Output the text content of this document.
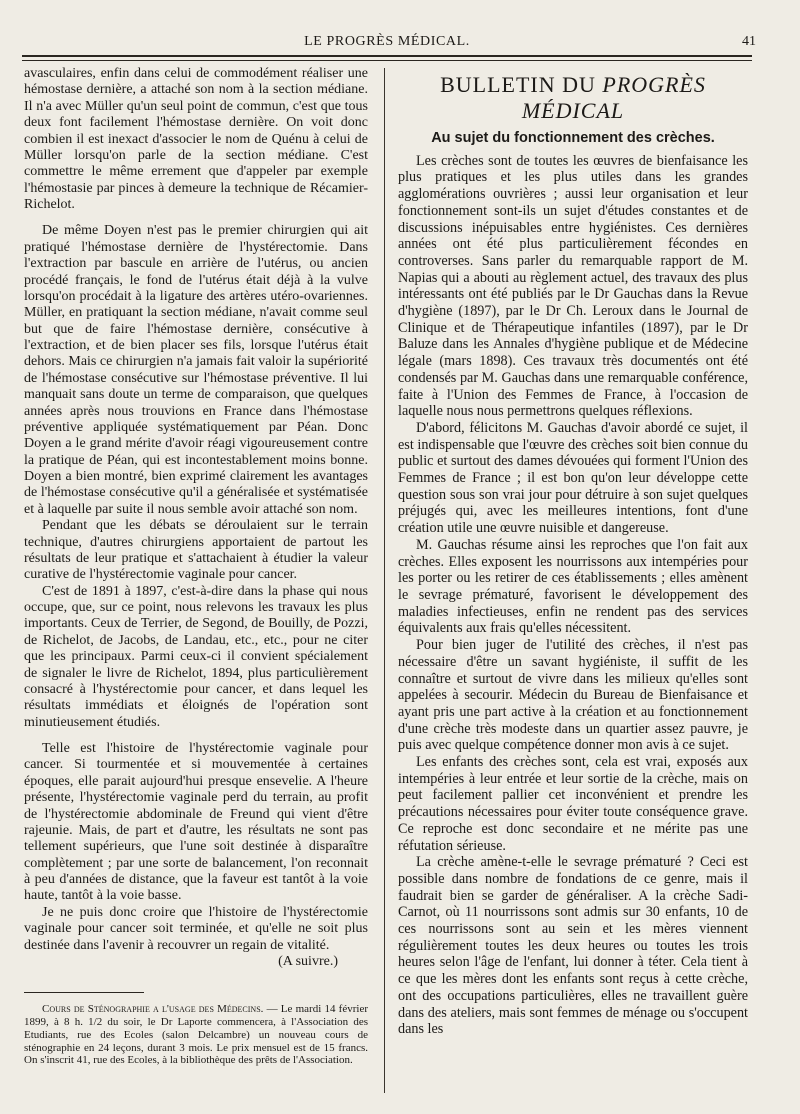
LE PROGRÈS MÉDICAL.	41

avasculaires, enfin dans celui de commodément réaliser une hémostase dernière, a attaché son nom à la section médiane. Il n'a avec Müller qu'un seul point de commun, c'est que tous deux font facilement l'hémostase dernière. On voit donc combien il est inexact d'associer le nom de Quénu à celui de Müller lorsqu'on parle de la section médiane. C'est commettre le même errement que d'appeler par exemple l'hémostasie par pinces à demeure la technique de Récamier-Richelot.

De même Doyen n'est pas le premier chirurgien qui ait pratiqué l'hémostase dernière de l'hystérectomie. Dans l'extraction par bascule en arrière de l'utérus, ou ancien procédé français, le fond de l'utérus était déjà à la vulve lorsqu'on procédait à la ligature des artères utéro-ovariennes. Müller, en pratiquant la section médiane, n'avait comme seul but que de faire l'hémostase dernière, consécutive à l'extraction, et de bien placer ses fils, lorsque l'utérus était dehors. Mais ce chirurgien n'a jamais fait valoir la supériorité de l'hémostase consécutive sur l'hémostase préventive. Il lui manquait sans doute un terme de comparaison, que quelques années après nous trouvions en France dans l'hémostase préventive appliquée systématiquement par Péan. Donc Doyen a le grand mérite d'avoir réagi vigoureusement contre la pratique de Péan, qui est incontestablement moins bonne. Doyen a bien montré, bien exprimé clairement les avantages de l'hémostase consécutive qu'il a généralisée et systématisée et à laquelle par suite il nous semble avoir attaché son nom.

Pendant que les débats se déroulaient sur le terrain technique, d'autres chirurgiens apportaient de partout les résultats de leur pratique et s'attachaient à étudier la valeur curative de l'hystérectomie vaginale pour cancer.

C'est de 1891 à 1897, c'est-à-dire dans la phase qui nous occupe, que, sur ce point, nous relevons les travaux les plus importants. Ceux de Terrier, de Segond, de Bouilly, de Pozzi, de Richelot, de Jacobs, de Landau, etc., etc., pour ne citer que les principaux. Parmi ceux-ci il convient spécialement de signaler le livre de Richelot, 1894, plus particulièrement consacré à l'hystérectomie pour cancer, et dans lequel les résultats immédiats et éloignés de l'opération sont minutieusement étudiés.

Telle est l'histoire de l'hystérectomie vaginale pour cancer. Si tourmentée et si mouvementée à certaines époques, elle parait aujourd'hui presque ensevelie. A l'heure présente, l'hystérectomie vaginale perd du terrain, au profit de l'hystérectomie abdominale de Freund qui vient d'être rajeunie. Mais, de part et d'autre, les résultats ne sont pas tellement supérieurs, que l'une soit destinée à disparaître complètement ; par une sorte de balancement, l'on reconnait à peu d'années de distance, que la faveur est tantôt à la voie haute, tantôt à la voie basse.

Je ne puis donc croire que l'histoire de l'hystérectomie vaginale pour cancer soit terminée, et qu'elle ne soit plus destinée dans l'avenir à recouvrer un regain de vitalité.

(A suivre.)

Cours de Sténographie a l'usage des Médecins. — Le mardi 14 février 1899, à 8 h. 1/2 du soir, le Dr Laporte commencera, à l'Association des Etudiants, rue des Ecoles (salon Delcambre) un nouveau cours de sténographie en 24 leçons, durant 3 mois. Le prix mensuel est de 15 francs. On s'inscrit 41, rue des Ecoles, à la bibliothèque des prêts de l'Association.

BULLETIN DU PROGRÈS MÉDICAL
Au sujet du fonctionnement des crèches.

Les crèches sont de toutes les œuvres de bienfaisance les plus pratiques et les plus utiles dans les grandes agglomérations ouvrières ; aussi leur organisation et leur fonctionnement sont-ils un sujet d'études constantes et de discussions inépuisables entre hygiénistes. Ces dernières années ont été plus particulièrement fécondes en controverses. Sans parler du remarquable rapport de M. Napias qui a abouti au règlement actuel, des travaux des plus intéressants ont été publiés par le Dr Gauchas dans la Revue d'hygiène (1897), par le Dr Ch. Leroux dans le Journal de Clinique et de Thérapeutique infantiles (1897), par le Dr Baluze dans les Annales d'hygiène publique et de Médecine légale (mars 1898). Ces travaux très documentés ont été condensés par M. Gauchas dans une remarquable conférence, faite à l'Union des Femmes de France, à l'occasion de laquelle nous nous permettrons quelques réflexions.

D'abord, félicitons M. Gauchas d'avoir abordé ce sujet, il est indispensable que l'œuvre des crèches soit bien connue du public et surtout des dames dévouées qui forment l'Union des Femmes de France ; il est bon qu'on leur développe cette question sous son vrai jour pour détruire à son sujet quelques préjugés qui, avec les meilleures intentions, font d'une création utile une œuvre nuisible et dangereuse.

M. Gauchas résume ainsi les reproches que l'on fait aux crèches. Elles exposent les nourrissons aux intempéries pour les porter ou les retirer de ces établissements ; elles amènent le sevrage prématuré, favorisent le développement des maladies infectieuses, enfin ne rendent pas des services équivalents aux frais qu'elles nécessitent.

Pour bien juger de l'utilité des crèches, il n'est pas nécessaire d'être un savant hygiéniste, il suffit de les connaître et surtout de vivre dans les milieux qu'elles sont appelées à secourir. Médecin du Bureau de Bienfaisance et ayant pris une part active à la création et au fonctionnement d'une crèche très modeste dans un quartier assez pauvre, je puis avec quelque compétence donner mon avis à ce sujet.

Les enfants des crèches sont, cela est vrai, exposés aux intempéries à leur entrée et leur sortie de la crèche, mais on peut facilement pallier cet inconvénient et prendre les précautions nécessaires pour éviter toute conséquence grave. Ce reproche est donc secondaire et ne mérite pas une réfutation sérieuse.

La crèche amène-t-elle le sevrage prématuré ? Ceci est possible dans nombre de fondations de ce genre, mais il faudrait bien se garder de généraliser. A la crèche Sadi-Carnot, où 11 nourrissons sont admis sur 30 enfants, 10 de ces nourrissons sont au sein et les mères viennent régulièrement toutes les deux heures ou toutes les trois heures selon l'âge de l'enfant, lui donner à téter. Cela tient à ce que les mères dont les enfants sont reçus à cette crèche, ont des occupations particulières, elles ne travaillent guère dans des ateliers, mais sont femmes de ménage ou s'occupent dans les
